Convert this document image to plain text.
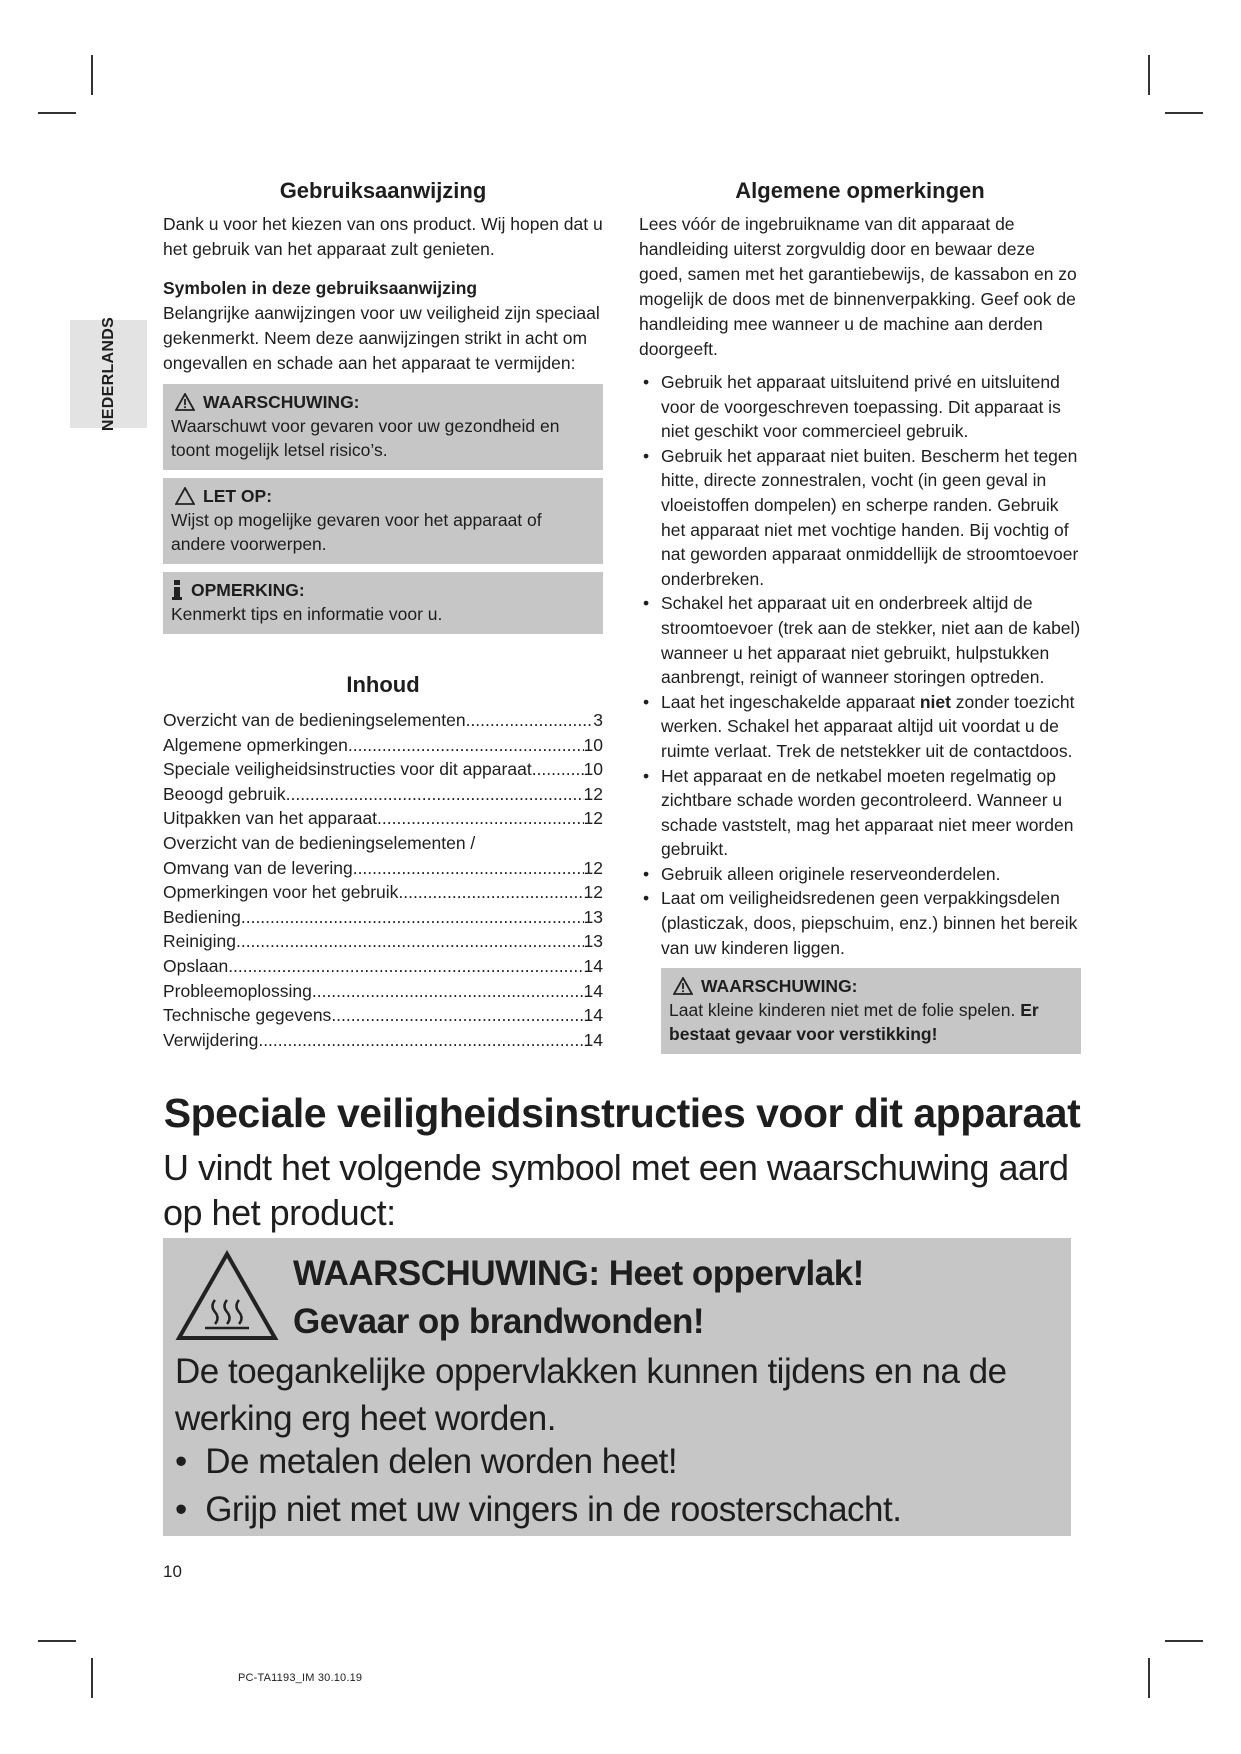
NEDERLANDS
Gebruiksaanwijzing

Dank u voor het kiezen van ons product. Wij hopen dat u het gebruik van het apparaat zult genieten.

Symbolen in deze gebruiksaanwijzing

Belangrijke aanwijzingen voor uw veiligheid zijn speciaal gekenmerkt. Neem deze aanwijzingen strikt in acht om ongevallen en schade aan het apparaat te vermijden:

WAARSCHUWING:
Waarschuwt voor gevaren voor uw gezondheid en toont mogelijk letsel risico’s.
LET OP:
Wijst op mogelijke gevaren voor het apparaat of andere voorwerpen.
OPMERKING:
Kenmerkt tips en informatie voor u.
Inhoud
Overzicht van de bedieningselementen .....	3
Algemene opmerkingen .....	10
Speciale veiligheidsinstructies voor dit apparaat .....	10
Beoogd gebruik .....	12
Uitpakken van het apparaat .....	12
Overzicht van de bedieningselementen /
Omvang van de levering .....	12
Opmerkingen voor het gebruik .....	12
Bediening .....	13
Reiniging .....	13
Opslaan .....	14
Probleemoplossing .....	14
Technische gegevens .....	14
Verwijdering .....	14
Algemene opmerkingen

Lees vóór de ingebruikname van dit apparaat de handleiding uiterst zorgvuldig door en bewaar deze goed, samen met het garantiebewijs, de kassabon en zo mogelijk de doos met de binnenverpakking. Geef ook de handleiding mee wanneer u de machine aan derden doorgeeft.

• Gebruik het apparaat uitsluitend privé en uitsluitend voor de voorgeschreven toepassing. Dit apparaat is niet geschikt voor commercieel gebruik.
• Gebruik het apparaat niet buiten. Bescherm het tegen hitte, directe zonnestralen, vocht (in geen geval in vloeistoffen dompelen) en scherpe randen. Gebruik het apparaat niet met vochtige handen. Bij vochtig of nat geworden apparaat onmiddellijk de stroomtoevoer onderbreken.
• Schakel het apparaat uit en onderbreek altijd de stroomtoevoer (trek aan de stekker, niet aan de kabel) wanneer u het apparaat niet gebruikt, hulpstukken aanbrengt, reinigt of wanneer storingen optreden.
• Laat het ingeschakelde apparaat niet zonder toezicht werken. Schakel het apparaat altijd uit voordat u de ruimte verlaat. Trek de netstekker uit de contactdoos.
• Het apparaat en de netkabel moeten regelmatig op zichtbare schade worden gecontroleerd. Wanneer u schade vaststelt, mag het apparaat niet meer worden gebruikt.
• Gebruik alleen originele reserveonderdelen.
• Laat om veiligheidsredenen geen verpakkingsdelen (plasticzak, doos, piepschuim, enz.) binnen het bereik van uw kinderen liggen.
WAARSCHUWING:
Laat kleine kinderen niet met de folie spelen. Er bestaat gevaar voor verstikking!
Speciale veiligheidsinstructies voor dit apparaat
U vindt het volgende symbool met een waarschuwing aard op het product:
WAARSCHUWING: Heet oppervlak!
Gevaar op brandwonden!
De toegankelijke oppervlakken kunnen tijdens en na de werking erg heet worden.
•  De metalen delen worden heet!
•  Grijp niet met uw vingers in de roosterschacht.
10
PC-TA1193_IM 30.10.19
